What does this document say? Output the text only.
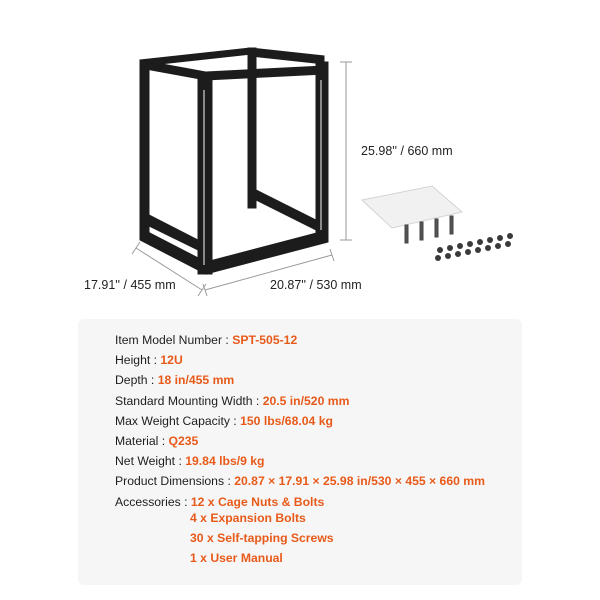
25.98'' / 660 mm
17.91'' / 455 mm	20.87'' / 530 mm
Item Model Number : SPT-505-12
Height : 12U
Depth : 18 in/455 mm
Standard Mounting Width : 20.5 in/520 mm
Max Weight Capacity : 150 lbs/68.04 kg
Material : Q235
Net Weight : 19.84 lbs/9 kg
Product Dimensions : 20.87 × 17.91 × 25.98 in/530 × 455 × 660 mm
Accessories : 12 x Cage Nuts & Bolts
4 x Expansion Bolts
30 x Self-tapping Screws
1 x User Manual
